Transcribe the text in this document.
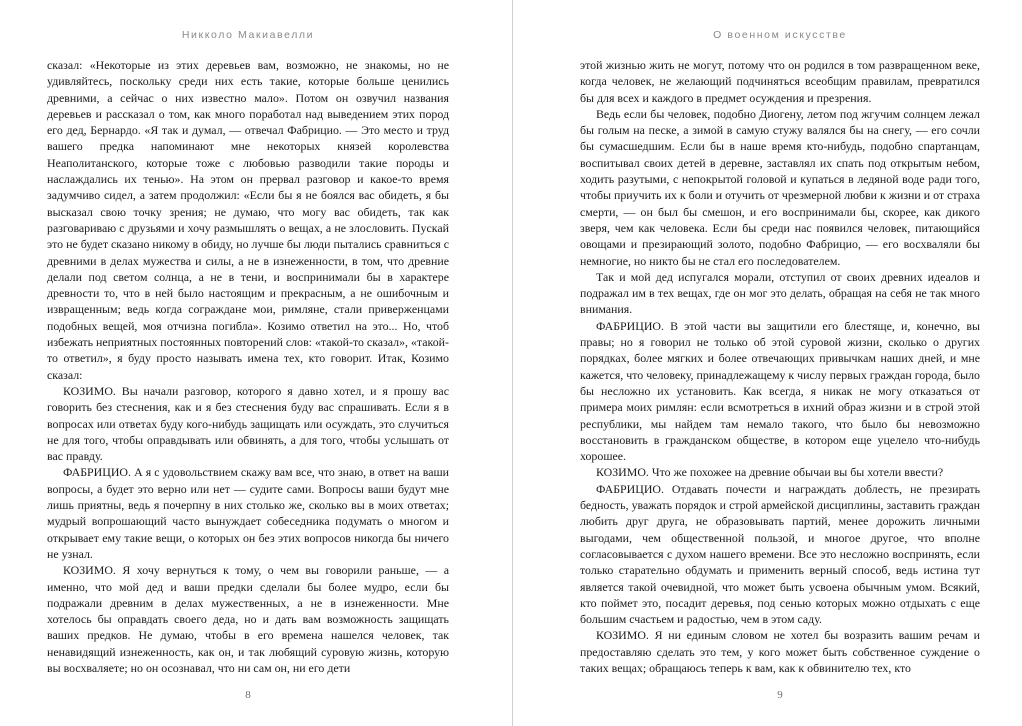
Никколо Макиавелли

сказал: «Некоторые из этих деревьев вам, возможно, не знакомы, но не удивляйтесь, поскольку среди них есть такие, которые больше ценились древними, а сейчас о них известно мало». Потом он озвучил названия деревьев и рассказал о том, как много поработал над выведением этих пород его дед, Бернардо. «Я так и думал, — отвечал Фабрицио. — Это место и труд вашего предка напоминают мне некоторых князей королевства Неаполитанского, которые тоже с любовью разводили такие породы и наслаждались их тенью». На этом он прервал разговор и какое-то время задумчиво сидел, а затем продолжил: «Если бы я не боялся вас обидеть, я бы высказал свою точку зрения; не думаю, что могу вас обидеть, так как разговариваю с друзьями и хочу размышлять о вещах, а не злословить. Пускай это не будет сказано никому в обиду, но лучше бы люди пытались сравниться с древними в делах мужества и силы, а не в изнеженности, в том, что древние делали под светом солнца, а не в тени, и воспринимали бы в характере древности то, что в ней было настоящим и прекрасным, а не ошибочным и извращенным; ведь когда согражданe мои, римляне, стали приверженцами подобных вещей, моя отчизна погибла». Козимо ответил на это... Но, чтоб избежать неприятных постоянных повторений слов: «такой-то сказал», «такой-то ответил», я буду просто называть имена тех, кто говорит. Итак, Козимо сказал:

КОЗИМО. Вы начали разговор, которого я давно хотел, и я прошу вас говорить без стеснения, как и я без стеснения буду вас спрашивать. Если я в вопросах или ответах буду кого-нибудь защищать или осуждать, это случиться не для того, чтобы оправдывать или обвинять, а для того, чтобы услышать от вас правду.

ФАБРИЦИО. А я с удовольствием скажу вам все, что знаю, в ответ на ваши вопросы, а будет это верно или нет — судите сами. Вопросы ваши будут мне лишь приятны, ведь я почерпну в них столько же, сколько вы в моих ответах; мудрый вопрошающий часто вынуждает собеседника подумать о многом и открывает ему такие вещи, о которых он без этих вопросов никогда бы ничего не узнал.

КОЗИМО. Я хочу вернуться к тому, о чем вы говорили раньше, — а именно, что мой дед и ваши предки сделали бы более мудро, если бы подражали древним в делах мужественных, а не в изнеженности. Мне хотелось бы оправдать своего деда, но и дать вам возможность защищать ваших предков. Не думаю, чтобы в его времена нашелся человек, так ненавидящий изнеженность, как он, и так любящий суровую жизнь, которую вы восхваляете; но он осознавал, что ни сам он, ни его дети

8
О военном искусстве

этой жизнью жить не могут, потому что он родился в том развращенном веке, когда человек, не желающий подчиняться всеобщим правилам, превратился бы для всех и каждого в предмет осуждения и презрения.

Ведь если бы человек, подобно Диогену, летом под жгучим солнцем лежал бы голым на песке, а зимой в самую стужу валялся бы на снегу, — его сочли бы сумасшедшим. Если бы в наше время кто-нибудь, подобно спартанцам, воспитывал своих детей в деревне, заставлял их спать под открытым небом, ходить разутыми, с непокрытой головой и купаться в ледяной воде ради того, чтобы приучить их к боли и отучить от чрезмерной любви к жизни и от страха смерти, — он был бы смешон, и его воспринимали бы, скорее, как дикого зверя, чем как человека. Если бы среди нас появился человек, питающийся овощами и презирающий золото, подобно Фабрицио, — его восхваляли бы немногие, но никто бы не стал его последователем.

Так и мой дед испугался морали, отступил от своих древних идеалов и подражал им в тех вещах, где он мог это делать, обращая на себя не так много внимания.

ФАБРИЦИО. В этой части вы защитили его блестяще, и, конечно, вы правы; но я говорил не только об этой суровой жизни, сколько о других порядках, более мягких и более отвечающих привычкам наших дней, и мне кажется, что человеку, принадлежащему к числу первых граждан города, было бы несложно их установить. Как всегда, я никак не могу отказаться от примера моих римлян: если всмотреться в ихний образ жизни и в строй этой республики, мы найдем там немало такого, что было бы невозможно восстановить в гражданском обществе, в котором еще уцелело что-нибудь хорошее.

КОЗИМО. Что же похожее на древние обычаи вы бы хотели ввести?

ФАБРИЦИО. Отдавать почести и награждать доблесть, не презирать бедность, уважать порядок и строй армейской дисциплины, заставить граждан любить друг друга, не образовывать партий, менее дорожить личными выгодами, чем общественной пользой, и многое другое, что вполне согласовывается с духом нашего времени. Все это несложно воспринять, если только старательно обдумать и применить верный способ, ведь истина тут является такой очевидной, что может быть усвоена обычным умом. Всякий, кто поймет это, посадит деревья, под сенью которых можно отдыхать с еще большим счастьем и радостью, чем в этом саду.

КОЗИМО. Я ни единым словом не хотел бы возразить вашим речам и предоставляю сделать это тем, у кого может быть собственное суждение о таких вещах; обращаюсь теперь к вам, как к обвинителю тех, кто

9
